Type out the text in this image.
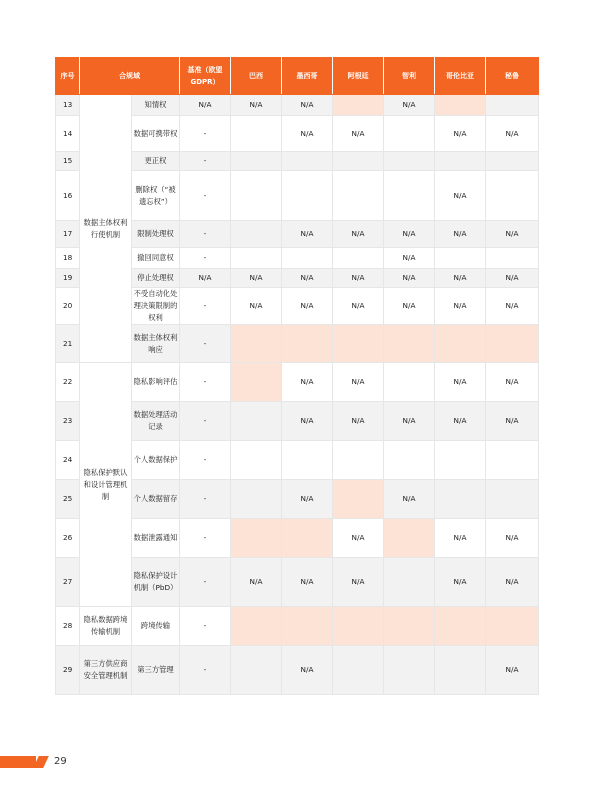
序号	合规域		基准（欧盟GDPR）	巴西	墨西哥	阿根廷	智利	哥伦比亚	秘鲁
13	数据主体权利行使机制	知情权	N/A	N/A	N/A		N/A		
14		数据可携带权	-		N/A	N/A		N/A	N/A
15		更正权	-						
16		删除权（“被遗忘权”）	-					N/A	
17		限制处理权	-		N/A	N/A	N/A	N/A	N/A
18		撤回同意权	-				N/A		
19		停止处理权	N/A	N/A	N/A	N/A	N/A	N/A	N/A
20		不受自动化处理决策限制的权利	-	N/A	N/A	N/A	N/A	N/A	N/A
21		数据主体权利响应	-						
22	隐私保护默认和设计管理机制	隐私影响评估	-		N/A	N/A		N/A	N/A
23		数据处理活动记录	-		N/A	N/A	N/A	N/A	N/A
24		个人数据保护	-						
25		个人数据留存	-		N/A		N/A		
26		数据泄露通知	-			N/A		N/A	N/A
27		隐私保护设计机制（PbD）	-	N/A	N/A	N/A		N/A	N/A
28	隐私数据跨境传输机制	跨境传输	-						
29	第三方供应商安全管理机制	第三方管理	-		N/A				N/A
29
